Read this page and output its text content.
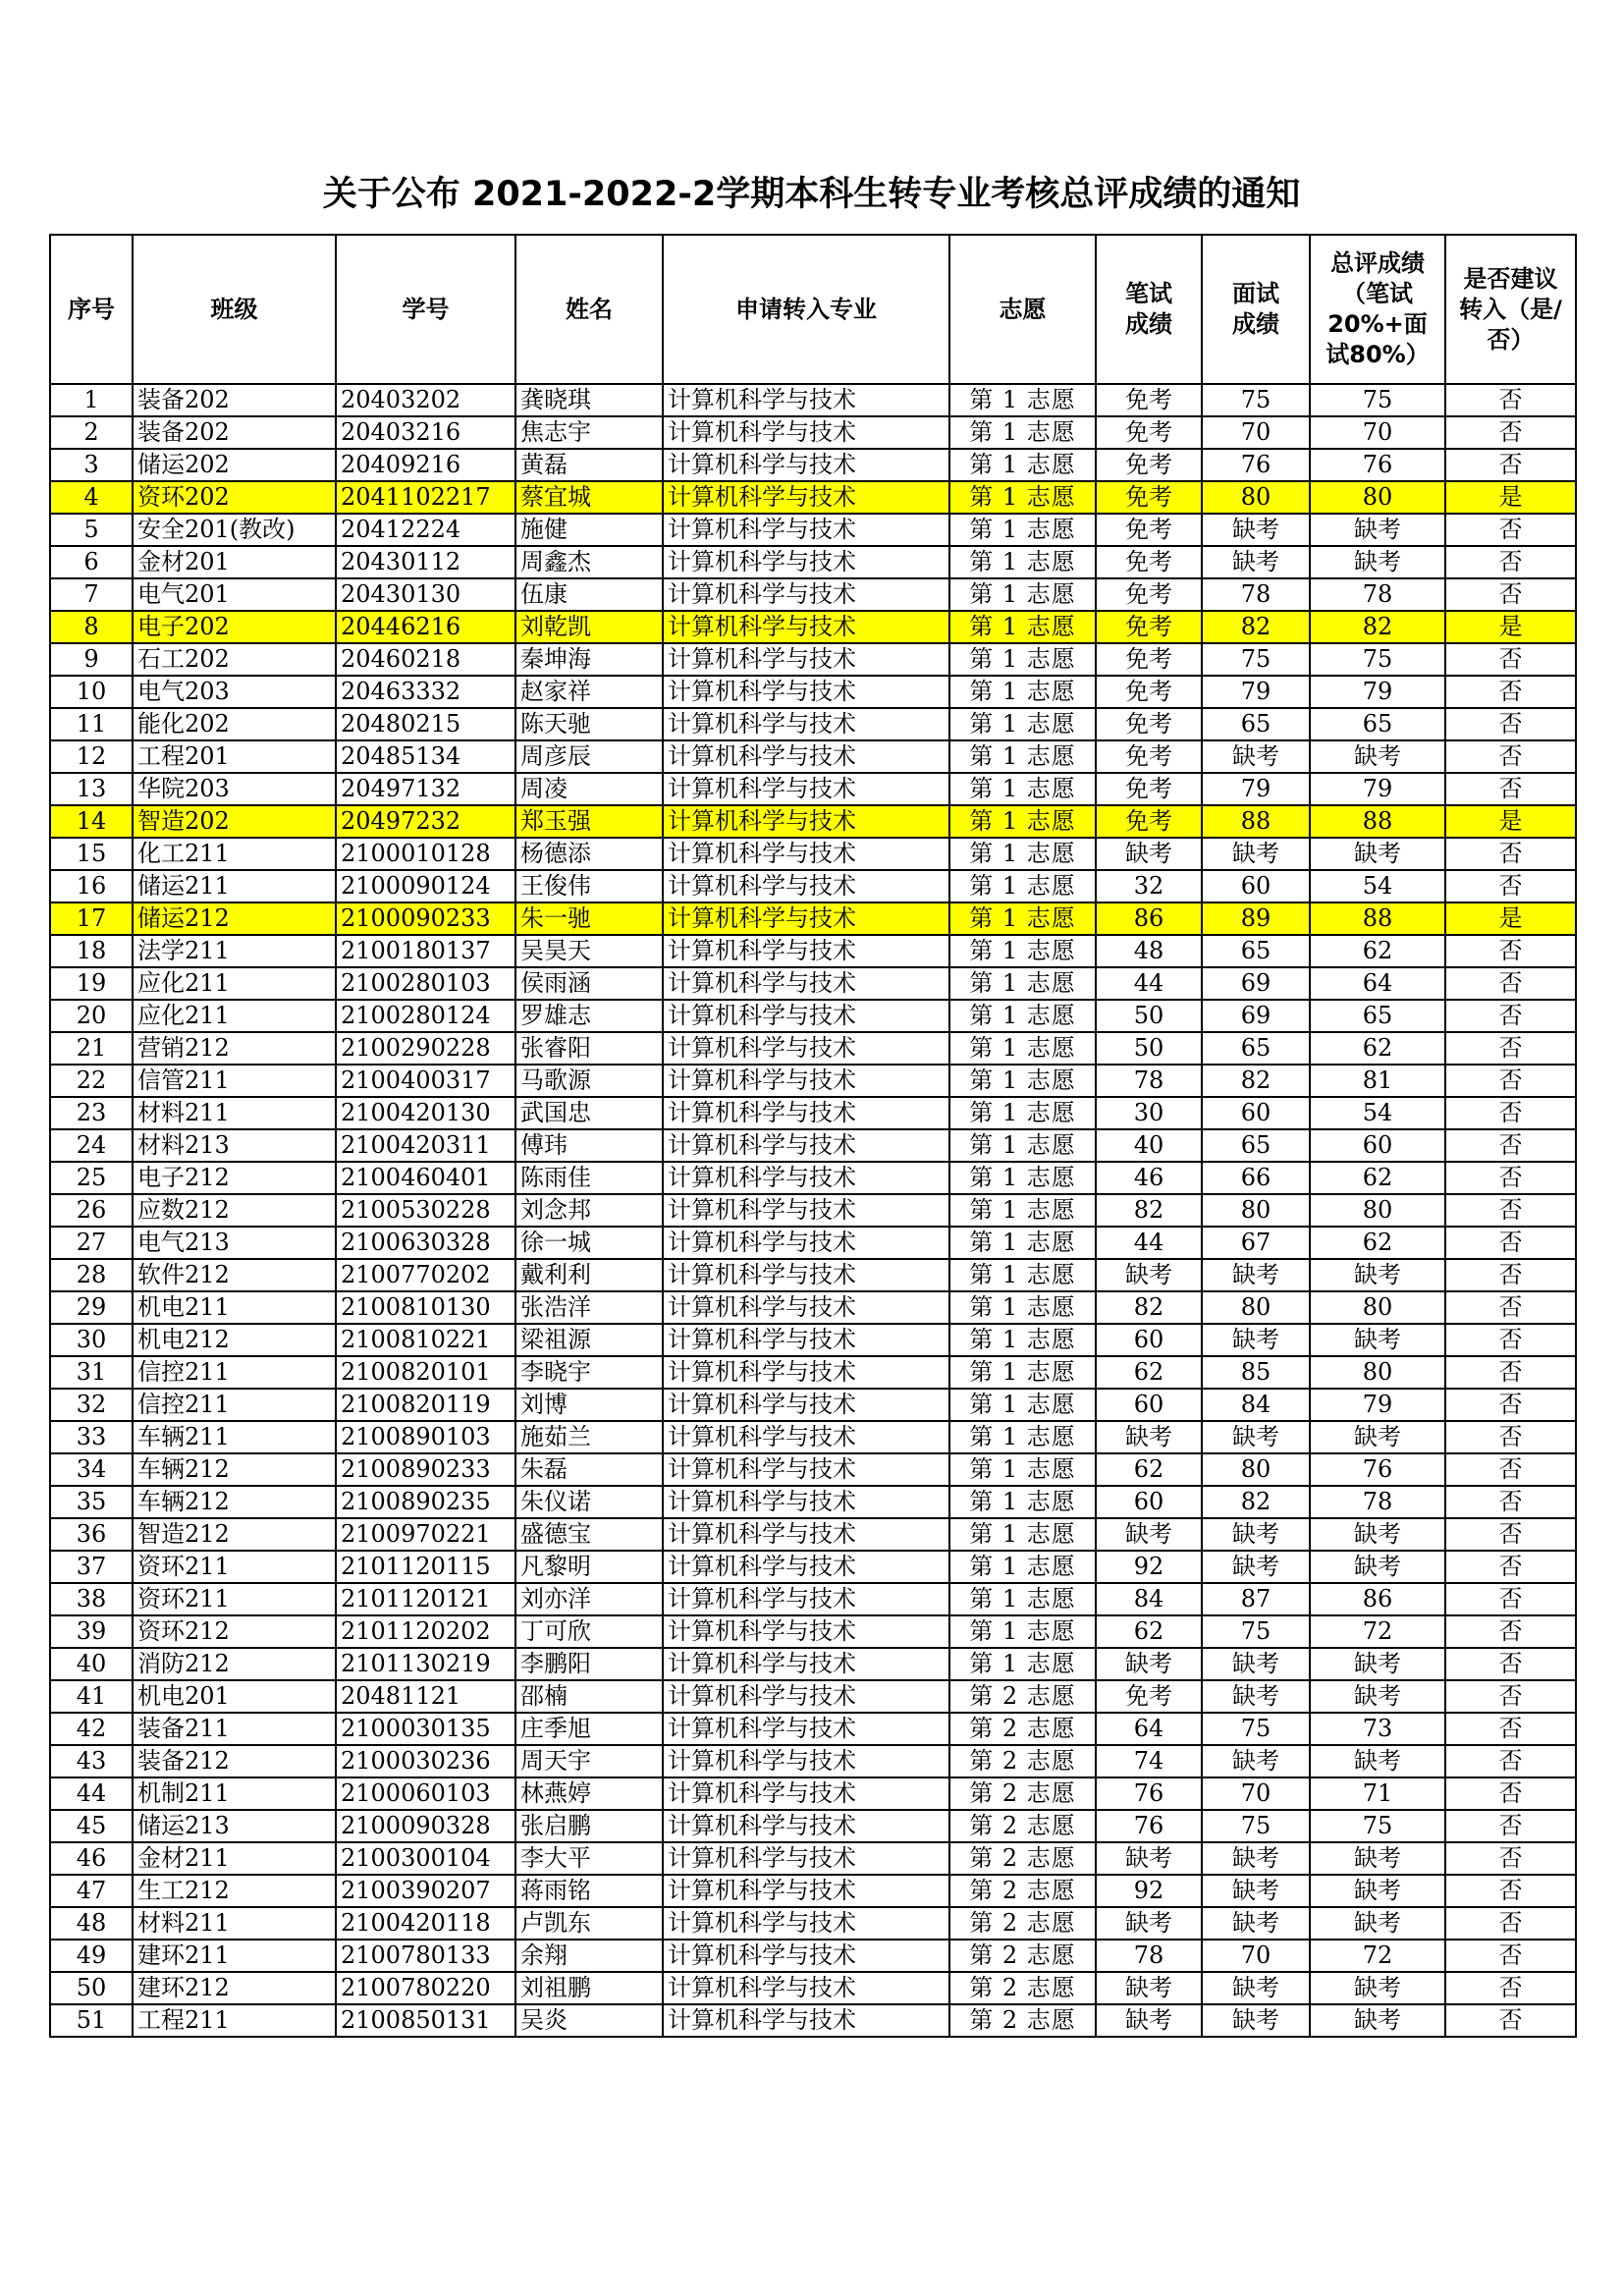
关于公布 2021-2022-2学期本科生转专业考核总评成绩的通知
序号	班级	学号	姓名	申请转入专业	志愿	笔试成绩	面试成绩	总评成绩（笔试20%+面试80%）	是否建议转入（是/否）
1	装备202	20403202	龚晓琪	计算机科学与技术	第 1 志愿	免考	75	75	否
2	装备202	20403216	焦志宇	计算机科学与技术	第 1 志愿	免考	70	70	否
3	储运202	20409216	黄磊	计算机科学与技术	第 1 志愿	免考	76	76	否
4	资环202	2041102217	蔡宜城	计算机科学与技术	第 1 志愿	免考	80	80	是
5	安全201(教改)	20412224	施健	计算机科学与技术	第 1 志愿	免考	缺考	缺考	否
6	金材201	20430112	周鑫杰	计算机科学与技术	第 1 志愿	免考	缺考	缺考	否
7	电气201	20430130	伍康	计算机科学与技术	第 1 志愿	免考	78	78	否
8	电子202	20446216	刘乾凯	计算机科学与技术	第 1 志愿	免考	82	82	是
9	石工202	20460218	秦坤海	计算机科学与技术	第 1 志愿	免考	75	75	否
10	电气203	20463332	赵家祥	计算机科学与技术	第 1 志愿	免考	79	79	否
11	能化202	20480215	陈天驰	计算机科学与技术	第 1 志愿	免考	65	65	否
12	工程201	20485134	周彦辰	计算机科学与技术	第 1 志愿	免考	缺考	缺考	否
13	华院203	20497132	周凌	计算机科学与技术	第 1 志愿	免考	79	79	否
14	智造202	20497232	郑玉强	计算机科学与技术	第 1 志愿	免考	88	88	是
15	化工211	2100010128	杨德添	计算机科学与技术	第 1 志愿	缺考	缺考	缺考	否
16	储运211	2100090124	王俊伟	计算机科学与技术	第 1 志愿	32	60	54	否
17	储运212	2100090233	朱一驰	计算机科学与技术	第 1 志愿	86	89	88	是
18	法学211	2100180137	吴昊天	计算机科学与技术	第 1 志愿	48	65	62	否
19	应化211	2100280103	侯雨涵	计算机科学与技术	第 1 志愿	44	69	64	否
20	应化211	2100280124	罗雄志	计算机科学与技术	第 1 志愿	50	69	65	否
21	营销212	2100290228	张睿阳	计算机科学与技术	第 1 志愿	50	65	62	否
22	信管211	2100400317	马歌源	计算机科学与技术	第 1 志愿	78	82	81	否
23	材料211	2100420130	武国忠	计算机科学与技术	第 1 志愿	30	60	54	否
24	材料213	2100420311	傅玮	计算机科学与技术	第 1 志愿	40	65	60	否
25	电子212	2100460401	陈雨佳	计算机科学与技术	第 1 志愿	46	66	62	否
26	应数212	2100530228	刘念邦	计算机科学与技术	第 1 志愿	82	80	80	否
27	电气213	2100630328	徐一城	计算机科学与技术	第 1 志愿	44	67	62	否
28	软件212	2100770202	戴利利	计算机科学与技术	第 1 志愿	缺考	缺考	缺考	否
29	机电211	2100810130	张浩洋	计算机科学与技术	第 1 志愿	82	80	80	否
30	机电212	2100810221	梁祖源	计算机科学与技术	第 1 志愿	60	缺考	缺考	否
31	信控211	2100820101	李晓宇	计算机科学与技术	第 1 志愿	62	85	80	否
32	信控211	2100820119	刘博	计算机科学与技术	第 1 志愿	60	84	79	否
33	车辆211	2100890103	施茹兰	计算机科学与技术	第 1 志愿	缺考	缺考	缺考	否
34	车辆212	2100890233	朱磊	计算机科学与技术	第 1 志愿	62	80	76	否
35	车辆212	2100890235	朱仪诺	计算机科学与技术	第 1 志愿	60	82	78	否
36	智造212	2100970221	盛德宝	计算机科学与技术	第 1 志愿	缺考	缺考	缺考	否
37	资环211	2101120115	凡黎明	计算机科学与技术	第 1 志愿	92	缺考	缺考	否
38	资环211	2101120121	刘亦洋	计算机科学与技术	第 1 志愿	84	87	86	否
39	资环212	2101120202	丁可欣	计算机科学与技术	第 1 志愿	62	75	72	否
40	消防212	2101130219	李鹏阳	计算机科学与技术	第 1 志愿	缺考	缺考	缺考	否
41	机电201	20481121	邵楠	计算机科学与技术	第 2 志愿	免考	缺考	缺考	否
42	装备211	2100030135	庄季旭	计算机科学与技术	第 2 志愿	64	75	73	否
43	装备212	2100030236	周天宇	计算机科学与技术	第 2 志愿	74	缺考	缺考	否
44	机制211	2100060103	林燕婷	计算机科学与技术	第 2 志愿	76	70	71	否
45	储运213	2100090328	张启鹏	计算机科学与技术	第 2 志愿	76	75	75	否
46	金材211	2100300104	李大平	计算机科学与技术	第 2 志愿	缺考	缺考	缺考	否
47	生工212	2100390207	蒋雨铭	计算机科学与技术	第 2 志愿	92	缺考	缺考	否
48	材料211	2100420118	卢凯东	计算机科学与技术	第 2 志愿	缺考	缺考	缺考	否
49	建环211	2100780133	余翔	计算机科学与技术	第 2 志愿	78	70	72	否
50	建环212	2100780220	刘祖鹏	计算机科学与技术	第 2 志愿	缺考	缺考	缺考	否
51	工程211	2100850131	吴炎	计算机科学与技术	第 2 志愿	缺考	缺考	缺考	否
